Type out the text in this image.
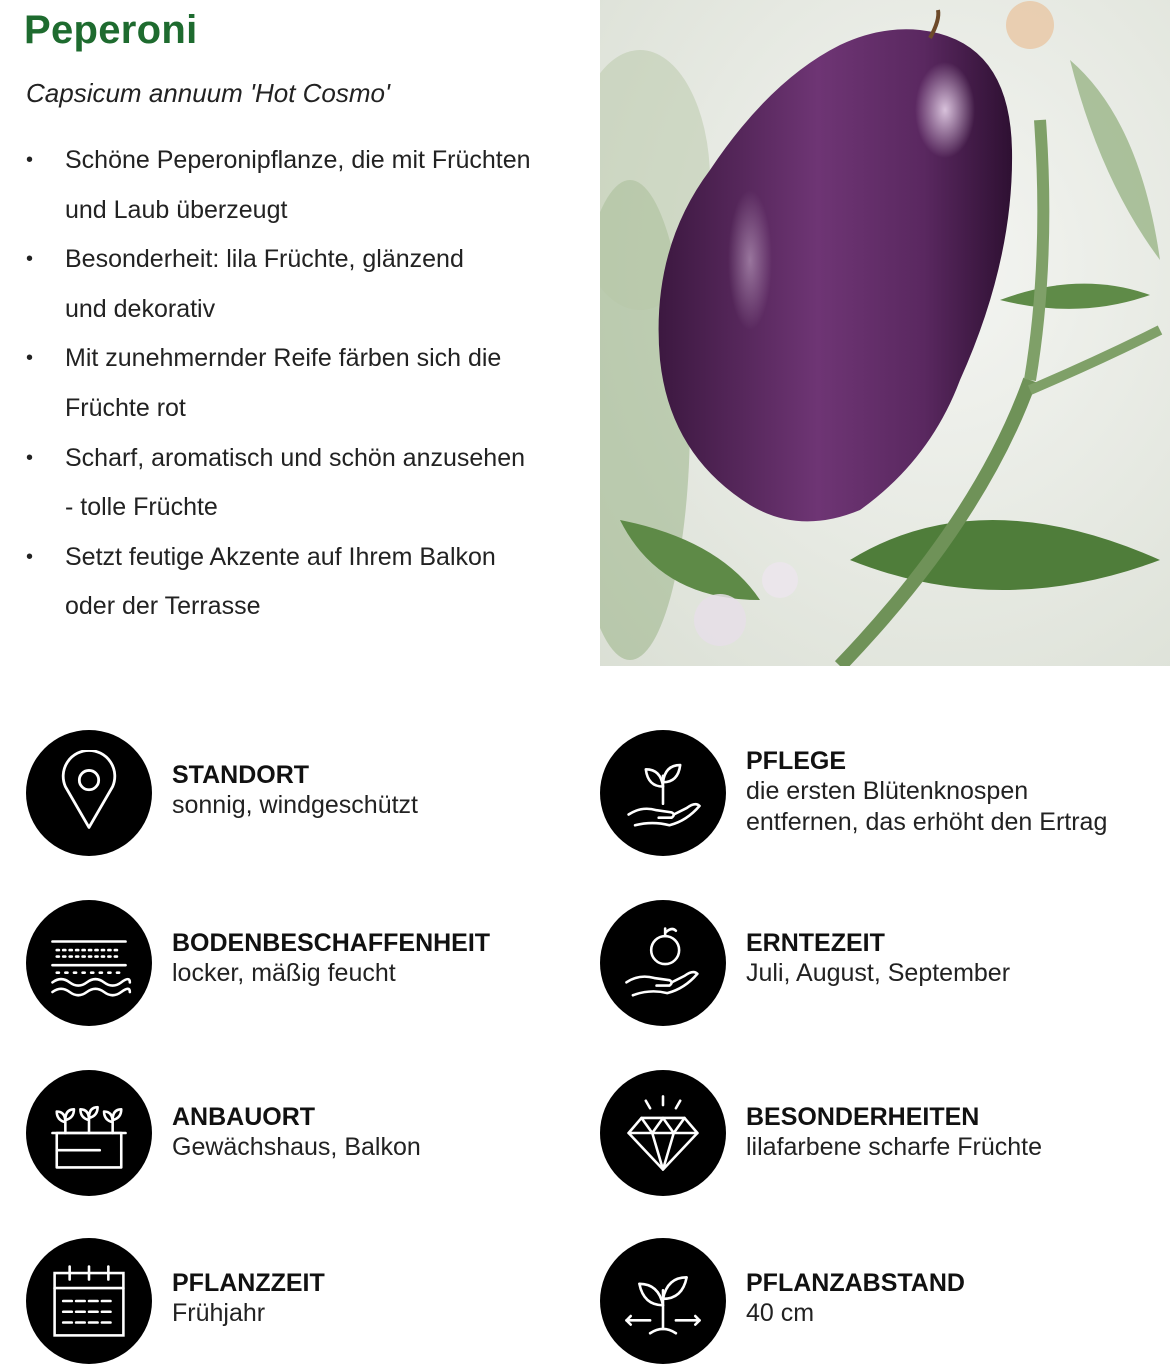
Peperoni

Capsicum annuum 'Hot Cosmo'

• Schöne Peperonipflanze, die mit Früchten
und Laub überzeugt
• Besonderheit: lila Früchte, glänzend
und dekorativ
• Mit zunehmernder Reife färben sich die
Früchte rot
• Scharf, aromatisch und schön anzusehen
- tolle Früchte
• Setzt feutige Akzente auf Ihrem Balkon
oder der Terrasse
STANDORT
sonnig, windgeschützt
BODENBESCHAFFENHEIT
locker, mäßig feucht
ANBAUORT
Gewächshaus, Balkon
PFLANZZEIT
Frühjahr
PFLEGE
die ersten Blütenknospen
entfernen, das erhöht den Ertrag
ERNTEZEIT
Juli, August, September
BESONDERHEITEN
lilafarbene scharfe Früchte
PFLANZABSTAND
40 cm
